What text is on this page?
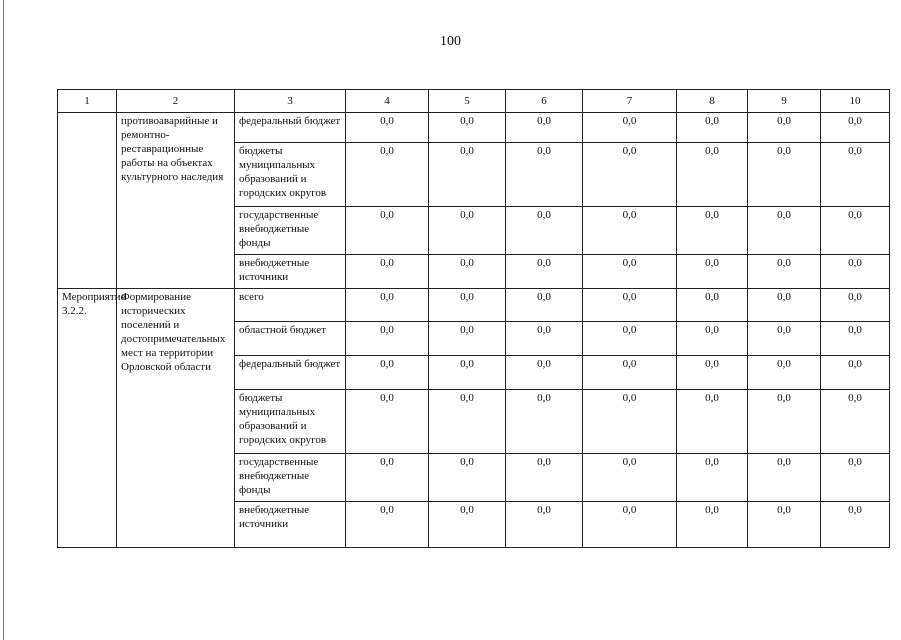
100
1	2	3	4	5	6	7	8	9	10
	противоаварийные и ремонтно-реставрационные работы на объектах культурного наследия	федеральный бюджет	0,0	0,0	0,0	0,0	0,0	0,0	0,0
		бюджеты муниципальных образований и городских округов	0,0	0,0	0,0	0,0	0,0	0,0	0,0
		государственные внебюджетные фонды	0,0	0,0	0,0	0,0	0,0	0,0	0,0
		внебюджетные источники	0,0	0,0	0,0	0,0	0,0	0,0	0,0
Мероприятие 3.2.2.	Формирование исторических поселений и достопримечательных мест на территории Орловской области	всего	0,0	0,0	0,0	0,0	0,0	0,0	0,0
		областной бюджет	0,0	0,0	0,0	0,0	0,0	0,0	0,0
		федеральный бюджет	0,0	0,0	0,0	0,0	0,0	0,0	0,0
		бюджеты муниципальных образований и городских округов	0,0	0,0	0,0	0,0	0,0	0,0	0,0
		государственные внебюджетные фонды	0,0	0,0	0,0	0,0	0,0	0,0	0,0
		внебюджетные источники	0,0	0,0	0,0	0,0	0,0	0,0	0,0
